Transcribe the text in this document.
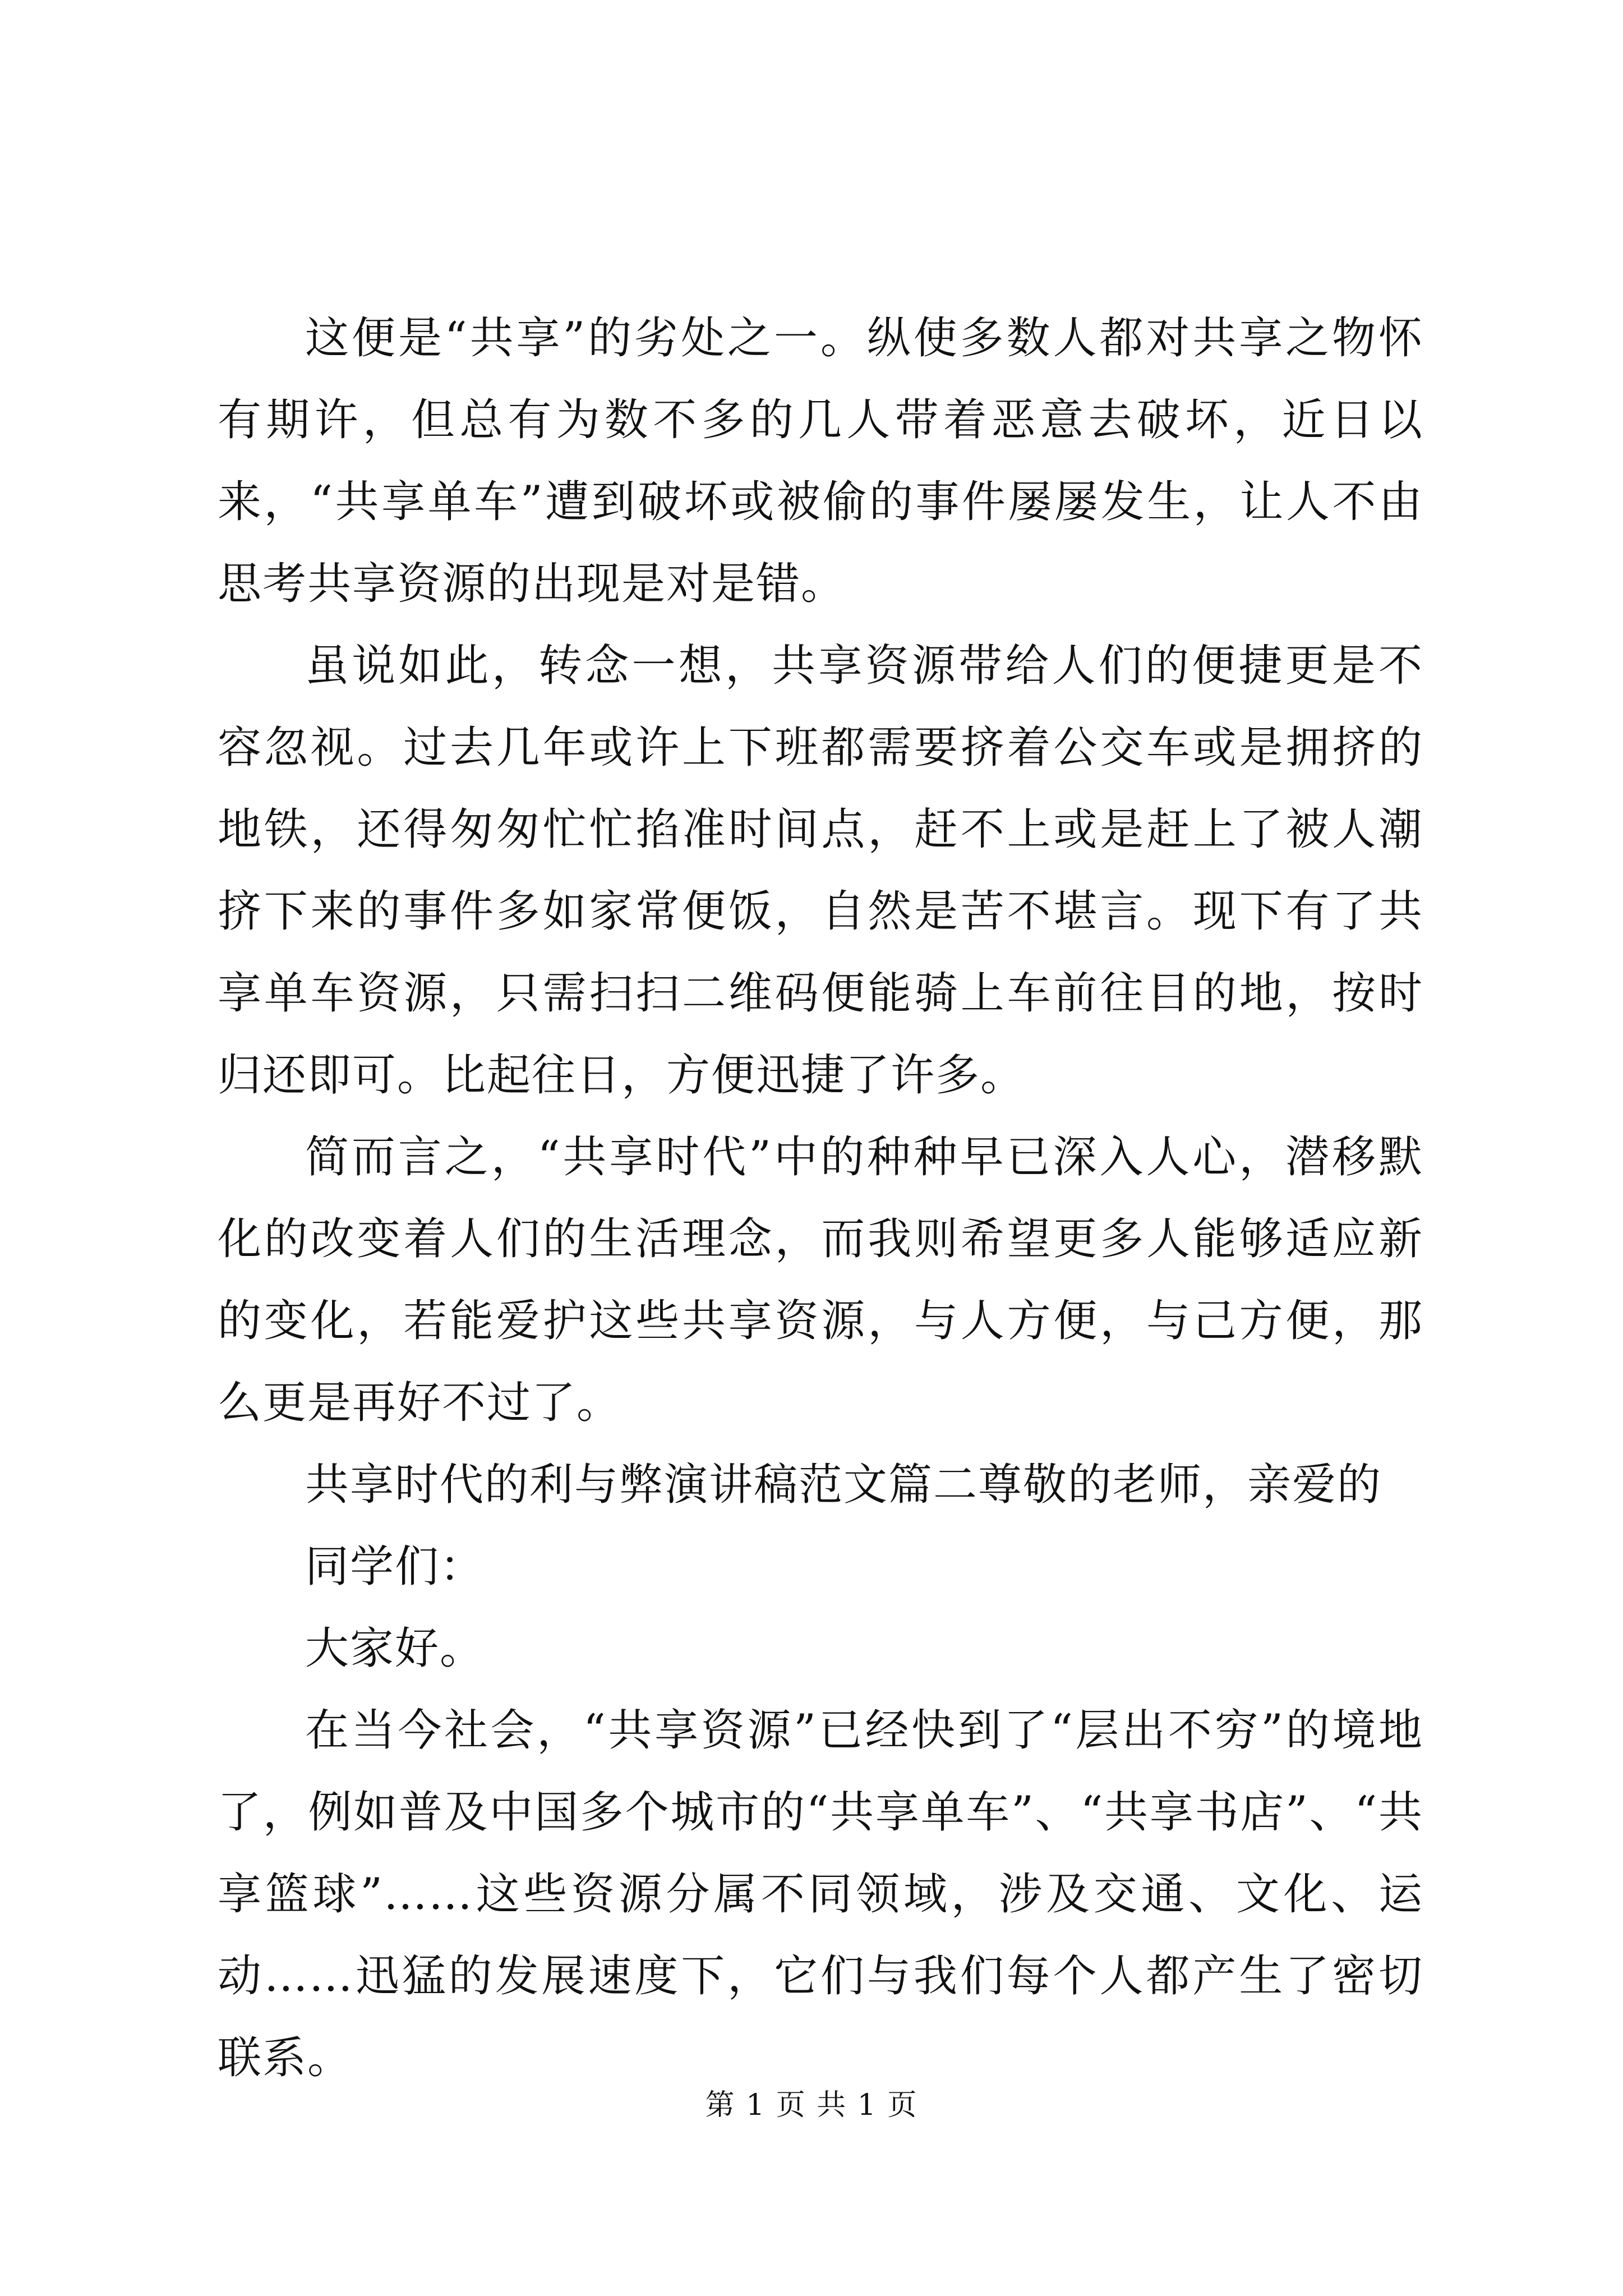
这便是“共享”的劣处之一。纵使多数人都对共享之物怀有期许，但总有为数不多的几人带着恶意去破坏，近日以来，“共享单车”遭到破坏或被偷的事件屡屡发生，让人不由思考共享资源的出现是对是错。

虽说如此，转念一想，共享资源带给人们的便捷更是不容忽视。过去几年或许上下班都需要挤着公交车或是拥挤的地铁，还得匆匆忙忙掐准时间点，赶不上或是赶上了被人潮挤下来的事件多如家常便饭，自然是苦不堪言。现下有了共享单车资源，只需扫扫二维码便能骑上车前往目的地，按时归还即可。比起往日，方便迅捷了许多。

简而言之，“共享时代”中的种种早已深入人心，潜移默化的改变着人们的生活理念，而我则希望更多人能够适应新的变化，若能爱护这些共享资源，与人方便，与己方便，那么更是再好不过了。

共享时代的利与弊演讲稿范文篇二尊敬的老师，亲爱的

同学们：

大家好。

在当今社会，“共享资源”已经快到了“层出不穷”的境地了，例如普及中国多个城市的“共享单车”、“共享书店”、“共享篮球”……这些资源分属不同领域，涉及交通、文化、运动……迅猛的发展速度下，它们与我们每个人都产生了密切联系。

第 1 页 共 1 页
